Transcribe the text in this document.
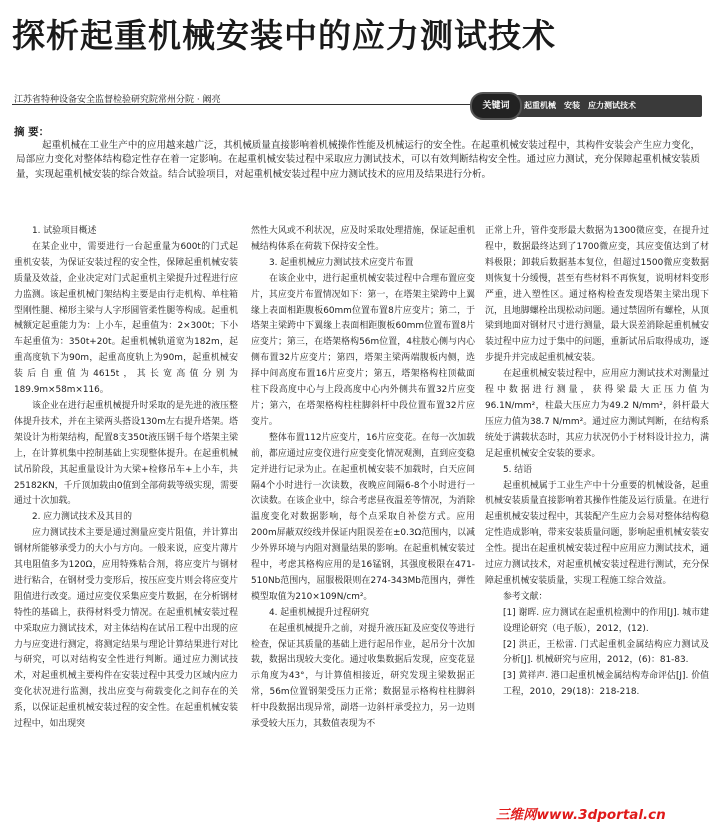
探析起重机械安装中的应力测试技术
江苏省特种设备安全监督检验研究院常州分院 · 阚亮
关键词	起重机械　安装　应力测试技术
摘 要：
起重机械在工业生产中的应用越来越广泛，其机械质量直接影响着机械操作性能及机械运行的安全性。在起重机械安装过程中，其构件安装会产生应力变化，局部应力变化对整体结构稳定性存在着一定影响。在起重机械安装过程中采取应力测试技术，可以有效判断结构安全性。通过应力测试，充分保障起重机械安装质量，实现起重机械安装的综合效益。结合试验项目，对起重机械安装过程中应力测试技术的应用及结果进行分析。
1. 试验项目概述

在某企业中，需要进行一台起重量为600t的门式起重机安装，为保证安装过程的安全性，保障起重机械安装质量及效益，企业决定对门式起重机主梁提升过程进行应力监测。该起重机械门架结构主要是由行走机构、单柱箱型刚性腿、梯形主梁与人字形圆管柔性腿等构成。起重机械额定起重能力为：上小车，起重值为：2×300t；下小车起重值为：350t+20t。起重机械轨道宽为182m，起重高度轨下为90m，起重高度轨上为90m，起重机械安装后自重值为4615t，其长宽高值分别为189.9m×58m×116。

该企业在进行起重机械提升时采取的是先进的液压整体提升技术，并在主梁两头搭设130m左右提升塔架。塔架设计为桁架结构，配置8支350t液压钢千每个塔架主梁上，在计算机集中控制基础上实现整体提升。在起重机械试吊阶段，其起重量设计为大梁+检修吊车+上小车，共25182KN，千斤顶加载由0值到全部荷载等级实现，需要通过十次加载。

2. 应力测试技术及其目的

应力测试技术主要是通过测量应变片阻值，并计算出钢材所能够承受力的大小与方向。一般来说，应变片薄片其电阻值多为120Ω，应用特殊粘合剂，将应变片与钢材进行粘合，在钢材受力变形后，按压应变片则会将应变片阻值进行改变。通过应变仪采集应变片数据，在分析钢材特性的基础上，获得材料受力情况。在起重机械安装过程中采取应力测试技术，对主体结构在试吊工程中出现的应力与应变进行测定，将测定结果与理论计算结果进行对比与研究，可以对结构安全性进行判断。通过应力测试技术，对起重机械主要构件在安装过程中其受力区域内应力变化状况进行监测，找出应变与荷载变化之间存在的关系，以保证起重机械安装过程的安全性。在起重机械安装过程中，如出现突

然性大风或不利状况，应及时采取处理措施，保证起重机械结构体系在荷载下保持安全性。

3. 起重机械应力测试技术应变片布置

在该企业中，进行起重机械安装过程中合理布置应变片，其应变片布置情况如下：第一，在塔架主梁跨中上翼缘上表面相距腹板60mm位置布置8片应变片；第二，于塔架主梁跨中下翼缘上表面相距腹板60mm位置布置8片应变片；第三，在塔架格构56m位置，4柱肢心侧与内心侧布置32片应变片；第四，塔架主梁两端腹板内侧，选择中间高度布置16片应变片；第五，塔架格构柱顶截面柱下段高度中心与上段高度中心内外侧共布置32片应变片；第六，在塔架格构柱柱脚斜杆中段位置布置32片应变片。

整体布置112片应变片，16片应变花。在每一次加载前，都应通过应变仪进行应变变化情况观测，直到应变稳定并进行记录为止。在起重机械安装不加载时，白天应间隔4个小时进行一次读数，夜晚应间隔6-8个小时进行一次读数。在该企业中，综合考虑昼夜温差等情况，为消除温度变化对数据影响，每个点采取自补偿方式。应用200m屏蔽双绞线并保证内阻误差在±0.3Ω范围内，以减少外界环境与内阻对测量结果的影响。在起重机械安装过程中，考虑其格构应用的是16锰钢，其强度极限在471-510Nb范围内，屈服极限则在274-343Mb范围内，弹性模型取值为210×109N/cm²。

4. 起重机械提升过程研究

在起重机械提升之前，对提升液压缸及应变仪等进行检查，保证其质量的基础上进行起吊作业，起吊分十次加载，数据出现较大变化。通过收集数据后发现，应变花显示角度为43°，与计算值相接近，研究发现主梁数据正常，56m位置钢架受压力正常；数据显示格构柱柱脚斜杆中段数据出现异常，副塔一边斜杆承受拉力，另一边则承受较大压力，其数值表现为不

正常上升，管件变形最大数据为1300微应变，在提升过程中，数据最终达到了1700微应变，其应变值达到了材料极限；卸载后数据基本复位，但超过1500微应变数据则恢复十分缓慢，甚至有些材料不再恢复，说明材料变形严重，进入塑性区。通过格构检查发现塔架主梁出现下沉，且地脚螺栓出现松动问题。通过禁固所有螺栓，从顶梁到地面对钢材尺寸进行测量，最大误差消除起重机械安装过程中应力过于集中的问题，重新试吊后取得成功，逐步提升并完成起重机械安装。

在起重机械安装过程中，应用应力测试技术对测量过程中数据进行测量，获得梁最大正压力值为96.1N/mm²，柱最大压应力为49.2 N/mm²，斜杆最大压应力值为38.7 N/mm²。通过应力测试判断，在结构系统处于满载状态时，其应力状况仍小于材料设计拉力，满足起重机械安全安装的要求。

5. 结语

起重机械属于工业生产中十分重要的机械设备，起重机械安装质量直接影响着其操作性能及运行质量。在进行起重机械安装过程中，其装配产生应力会易对整体结构稳定性造成影响，带来安装质量问题，影响起重机械安装安全性。提出在起重机械安装过程中应用应力测试技术，通过应力测试技术，对起重机械安装过程进行测试，充分保障起重机械安装质量，实现工程施工综合效益。

参考文献：

[1] 谢晖. 应力测试在起重机检测中的作用[J]. 城市建设理论研究（电子版），2012，(12).

[2] 洪正，王松雷. 门式起重机金属结构应力测试及分析[J]. 机械研究与应用，2012，(6)：81-83.

[3] 黄祥声. 港口起重机械金属结构寿命评估[J]. 价值工程，2010，29(18)：218-218.

三维网www.3dportal.cn
